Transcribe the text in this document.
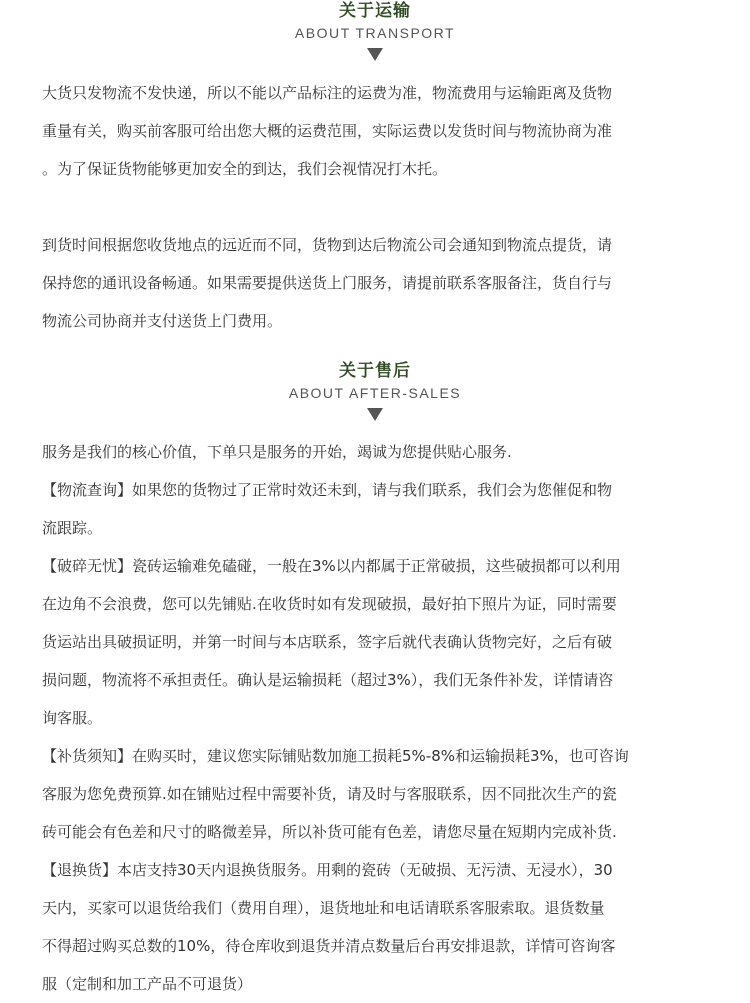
关于运输
ABOUT TRANSPORT

大货只发物流不发快递，所以不能以产品标注的运费为准，物流费用与运输距离及货物
重量有关，购买前客服可给出您大概的运费范围，实际运费以发货时间与物流协商为准
。为了保证货物能够更加安全的到达，我们会视情况打木托。

到货时间根据您收货地点的远近而不同，货物到达后物流公司会通知到物流点提货，请
保持您的通讯设备畅通。如果需要提供送货上门服务，请提前联系客服备注，货自行与
物流公司协商并支付送货上门费用。

关于售后
ABOUT AFTER-SALES

服务是我们的核心价值，下单只是服务的开始，竭诚为您提供贴心服务.

【物流查询】如果您的货物过了正常时效还未到，请与我们联系，我们会为您催促和物
流跟踪。

【破碎无忧】瓷砖运输难免磕碰，一般在3%以内都属于正常破损，这些破损都可以利用
在边角不会浪费，您可以先铺贴.在收货时如有发现破损，最好拍下照片为证，同时需要
货运站出具破损证明，并第一时间与本店联系，签字后就代表确认货物完好，之后有破
损问题，物流将不承担责任。确认是运输损耗（超过3%），我们无条件补发，详情请咨
询客服。

【补货须知】在购买时，建议您实际铺贴数加施工损耗5%-8%和运输损耗3%，也可咨询
客服为您免费预算.如在铺贴过程中需要补货，请及时与客服联系，因不同批次生产的瓷
砖可能会有色差和尺寸的略微差异，所以补货可能有色差，请您尽量在短期内完成补货.

【退换货】本店支持30天内退换货服务。用剩的瓷砖（无破损、无污渍、无浸水），30
天内，买家可以退货给我们（费用自理），退货地址和电话请联系客服索取。退货数量
不得超过购买总数的10%，待仓库收到退货并清点数量后台再安排退款，详情可咨询客
服（定制和加工产品不可退货）
